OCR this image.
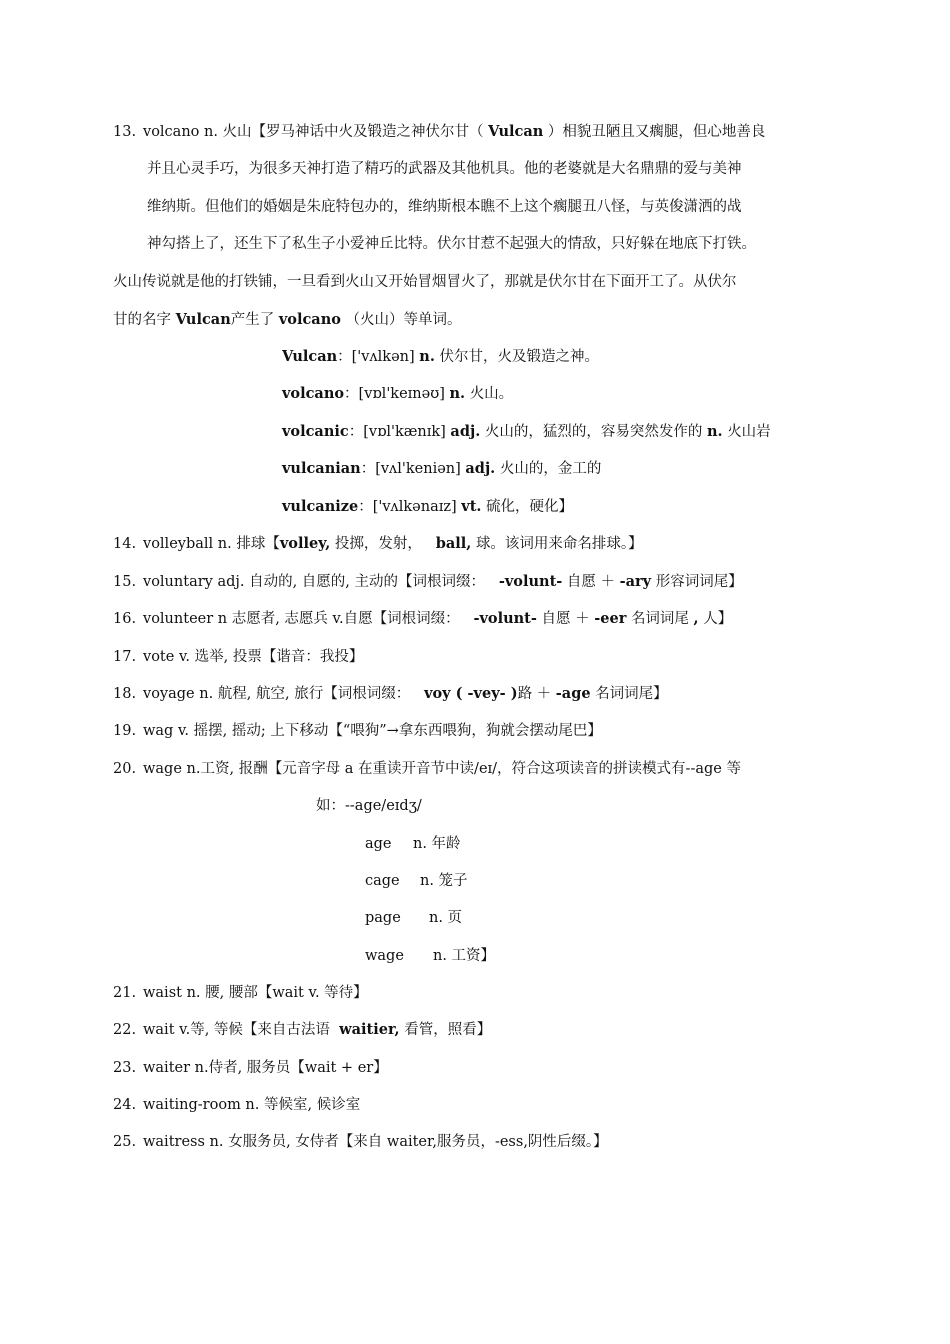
13. volcano n. 火山【罗马神话中火及锻造之神伏尔甘（ Vulcan ）相貌丑陋且又瘸腿，但心地善良
并且心灵手巧，为很多天神打造了精巧的武器及其他机具。他的老婆就是大名鼎鼎的爱与美神
维纳斯。但他们的婚姻是朱庇特包办的，维纳斯根本瞧不上这个瘸腿丑八怪，与英俊潇洒的战
神勾搭上了，还生下了私生子小爱神丘比特。伏尔甘惹不起强大的情敌，只好躲在地底下打铁。
火山传说就是他的打铁铺，一旦看到火山又开始冒烟冒火了，那就是伏尔甘在下面开工了。从伏尔
甘的名字 Vulcan产生了 volcano （火山）等单词。
Vulcan：['vʌlkən] n. 伏尔甘，火及锻造之神。
volcano：[vɒl'keɪnəʊ] n. 火山。
volcanic：[vɒl'kænɪk] adj. 火山的，猛烈的，容易突然发作的 n. 火山岩
vulcanian：[vʌl'keniən] adj. 火山的，金工的
vulcanize：['vʌlkənaɪz] vt. 硫化，硬化】
14. volleyball n. 排球【volley, 投掷，发射， ball, 球。该词用来命名排球。】
15. voluntary adj. 自动的, 自愿的, 主动的【词根词缀： -volunt- 自愿 ＋ -ary 形容词词尾】
16. volunteer n 志愿者, 志愿兵 v.自愿【词根词缀： -volunt- 自愿 ＋ -eer 名词词尾 , 人】
17. vote v. 选举, 投票【谐音：我投】
18. voyage n. 航程, 航空, 旅行【词根词缀： voy ( -vey- )路 ＋ -age 名词词尾】
19. wag v. 摇摆, 摇动; 上下移动【“喂狗”→拿东西喂狗，狗就会摆动尾巴】
20. wage n.工资, 报酬【元音字母 a 在重读开音节中读/eɪ/，符合这项读音的拼读模式有--age 等
如：--age/eɪdʒ/
age n. 年龄
cage n. 笼子
page n. 页
wage n. 工资】
21. waist n. 腰, 腰部【wait v. 等待】
22. wait v.等, 等候【来自古法语 waitier, 看管，照看】
23. waiter n.侍者, 服务员【wait + er】
24. waiting-room n. 等候室, 候诊室
25. waitress n. 女服务员, 女侍者【来自 waiter,服务员，-ess,阴性后缀。】
